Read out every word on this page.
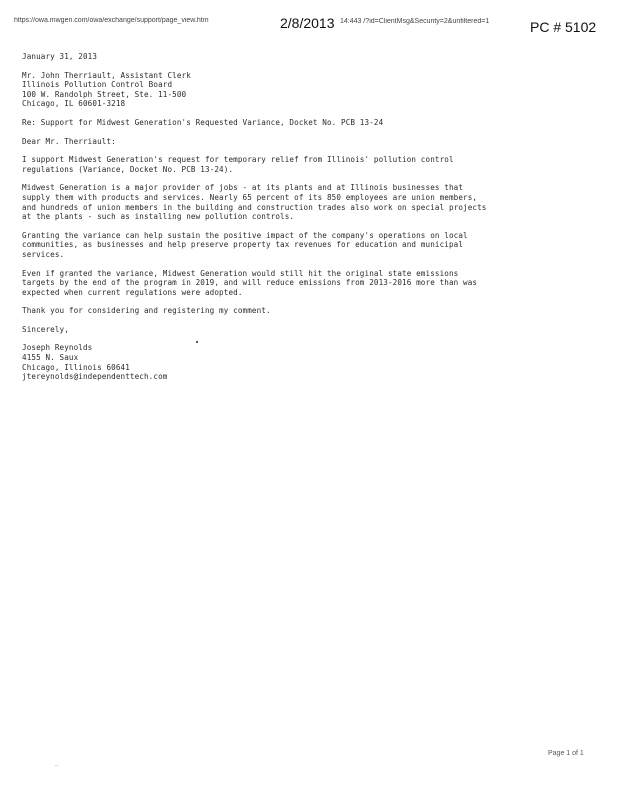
https://owa.mwgen.com/owa/exchange/support/page_view.htm	2/8/2013 14:443 /?id=ClientMsg&Security=2&unfiltered=1	PC # 5102
January 31, 2013
Mr. John Therriault, Assistant Clerk
Illinois Pollution Control Board
100 W. Randolph Street, Ste. 11-500
Chicago, IL 60601-3218
Re: Support for Midwest Generation's Requested Variance, Docket No. PCB 13-24
Dear Mr. Therriault:
I support Midwest Generation's request for temporary relief from Illinois' pollution control
regulations (Variance, Docket No. PCB 13-24).
Midwest Generation is a major provider of jobs - at its plants and at Illinois businesses that
supply them with products and services. Nearly 65 percent of its 850 employees are union members,
and hundreds of union members in the building and construction trades also work on special projects
at the plants - such as installing new pollution controls.
Granting the variance can help sustain the positive impact of the company's operations on local
communities, as businesses and help preserve property tax revenues for education and municipal
services.
Even if granted the variance, Midwest Generation would still hit the original state emissions
targets by the end of the program in 2019, and will reduce emissions from 2013-2016 more than was
expected when current regulations were adopted.
Thank you for considering and registering my comment.
Sincerely,
Joseph Reynolds
4155 N. Saux
Chicago, Illinois 60641
jtereynolds@independenttech.com
Page 1 of 1
..
